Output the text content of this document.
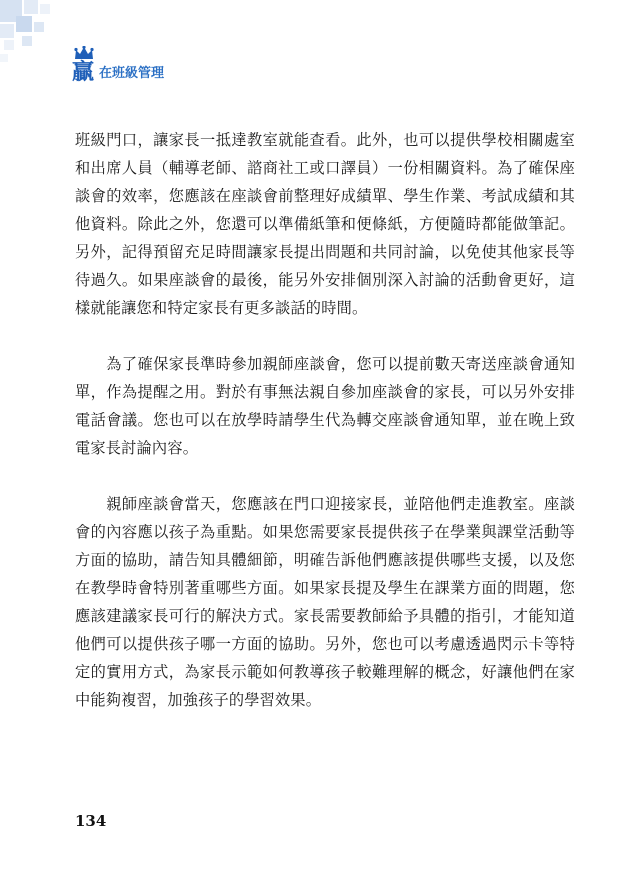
贏 在班級管理

班級門口，讓家長一抵達教室就能查看。此外，也可以提供學校相關處室和出席人員（輔導老師、諮商社工或口譯員）一份相關資料。為了確保座談會的效率，您應該在座談會前整理好成績單、學生作業、考試成績和其他資料。除此之外，您還可以準備紙筆和便條紙，方便隨時都能做筆記。另外，記得預留充足時間讓家長提出問題和共同討論，以免使其他家長等待過久。如果座談會的最後，能另外安排個別深入討論的活動會更好，這樣就能讓您和特定家長有更多談話的時間。

　　為了確保家長準時參加親師座談會，您可以提前數天寄送座談會通知單，作為提醒之用。對於有事無法親自參加座談會的家長，可以另外安排電話會議。您也可以在放學時請學生代為轉交座談會通知單，並在晚上致電家長討論內容。

　　親師座談會當天，您應該在門口迎接家長，並陪他們走進教室。座談會的內容應以孩子為重點。如果您需要家長提供孩子在學業與課堂活動等方面的協助，請告知具體細節，明確告訴他們應該提供哪些支援，以及您在教學時會特別著重哪些方面。如果家長提及學生在課業方面的問題，您應該建議家長可行的解決方式。家長需要教師給予具體的指引，才能知道他們可以提供孩子哪一方面的協助。另外，您也可以考慮透過閃示卡等特定的實用方式，為家長示範如何教導孩子較難理解的概念，好讓他們在家中能夠複習，加強孩子的學習效果。

134
